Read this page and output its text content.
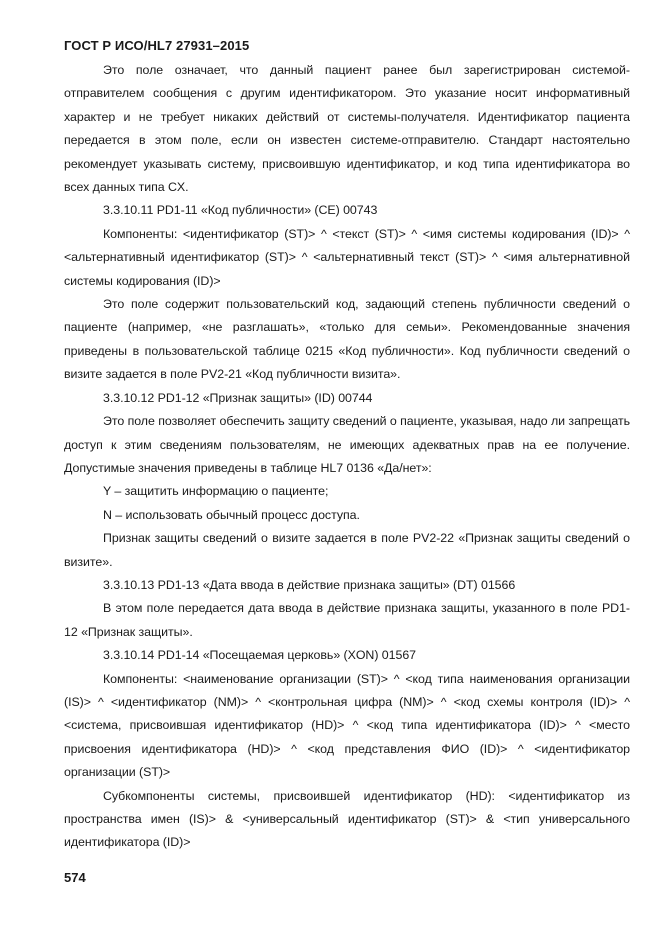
ГОСТ Р ИСО/HL7 27931–2015

Это поле означает, что данный пациент ранее был зарегистрирован системой-отправителем сообщения с другим идентификатором. Это указание носит информативный характер и не требует никаких действий от системы-получателя. Идентификатор пациента передается в этом поле, если он известен системе-отправителю. Стандарт настоятельно рекомендует указывать систему, присвоившую идентификатор, и код типа идентификатора во всех данных типа CX.

3.3.10.11 PD1-11 «Код публичности» (CE) 00743

Компоненты: <идентификатор (ST)> ^ <текст (ST)> ^ <имя системы кодирования (ID)> ^ <альтернативный идентификатор (ST)> ^ <альтернативный текст (ST)> ^ <имя альтернативной системы кодирования (ID)>

Это поле содержит пользовательский код, задающий степень публичности сведений о пациенте (например, «не разглашать», «только для семьи». Рекомендованные значения приведены в пользовательской таблице 0215 «Код публичности». Код публичности сведений о визите задается в поле PV2-21 «Код публичности визита».

3.3.10.12 PD1-12 «Признак защиты» (ID) 00744

Это поле позволяет обеспечить защиту сведений о пациенте, указывая, надо ли запрещать доступ к этим сведениям пользователям, не имеющих адекватных прав на ее получение. Допустимые значения приведены в таблице HL7 0136 «Да/нет»:

Y – защитить информацию о пациенте;

N – использовать обычный процесс доступа.

Признак защиты сведений о визите задается в поле PV2-22 «Признак защиты сведений о визите».

3.3.10.13 PD1-13 «Дата ввода в действие признака защиты» (DT) 01566

В этом поле передается дата ввода в действие признака защиты, указанного в поле PD1-12 «Признак защиты».

3.3.10.14 PD1-14 «Посещаемая церковь» (XON) 01567

Компоненты: <наименование организации (ST)> ^ <код типа наименования организации (IS)> ^ <идентификатор (NM)> ^ <контрольная цифра (NM)> ^ <код схемы контроля (ID)> ^ <система, присвоившая идентификатор (HD)> ^ <код типа идентификатора (ID)> ^ <место присвоения идентификатора (HD)> ^ <код представления ФИО (ID)> ^ <идентификатор организации (ST)>

Субкомпоненты системы, присвоившей идентификатор (HD): <идентификатор из пространства имен (IS)> & <универсальный идентификатор (ST)> & <тип универсального идентификатора (ID)>

574
